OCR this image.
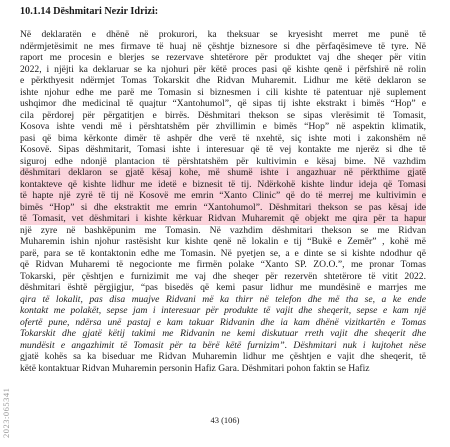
10.1.14 Dëshmitari Nezir Idrizi:
Në deklaratën e dhënë në prokurori, ka theksuar se kryesisht merret me punë të
ndërmjetësimit ne mes firmave të huaj në çështje biznesore si dhe përfaqësimeve të tyre. Në
raport me procesin e blerjes se rezervave shtetërore për produktet vaj dhe sheqer për vitin
2022, i njëjti ka deklaruar se ka njohuri për këtë proces pasi që kishte qenë i përfshirë në rolin
e përkthyesit ndërmjet Tomas Tokarskit dhe Ridvan Muharemit. Lidhur me këtë deklaron se
ishte njohur edhe me parë me Tomasin si biznesmen i cili kishte të patentuar një suplement
ushqimor dhe medicinal të quajtur “Xantohumol”, që sipas tij ishte ekstrakt i bimës “Hop” e
cila përdorej për përgatitjen e birrës. Dëshmitari thekson se sipas vlerësimit të Tomasit,
Kosova ishte vendi më i përshtatshëm për zhvillimin e bimës “Hop” në aspektin klimatik,
pasi që bima kërkonte dimër të ashpër dhe verë të nxehtë, siç ishte moti i zakonshëm në
Kosovë. Sipas dëshmitarit, Tomasi ishte i interesuar që të vej kontakte me njerëz si dhe të
siguroj edhe ndonjë plantacion të përshtatshëm për kultivimin e kësaj bime. Në vazhdim
dëshmitari deklaron se gjatë kësaj kohe, më shumë ishte i angazhuar në përkthime gjatë
kontakteve që kishte lidhur me idetë e biznesit të tij. Ndërkohë kishte lindur ideja që Tomasi
të hapte një zyrë të tij në Kosovë me emrin “Xanto Clinic” që do të merrej me kultivimin e
bimës “Hop” si dhe ekstraktit me emrin “Xantohumol”. Dëshmitari thekson se pas kësaj ide
të Tomasit, vet dëshmitari i kishte kërkuar Ridvan Muharemit që objekt me qira për ta hapur
një zyre në bashkëpunim me Tomasin. Në vazhdim dëshmitari thekson se me Ridvan
Muharemin ishin njohur rastësisht kur kishte qenë në lokalin e tij “Bukë e Zemër” , kohë më
parë, para se të kontaktonin edhe me Tomasin. Në pyetjen se, a e dinte se si kishte ndodhur që
që Ridvan Muharemi të negocionte me firmën polake “Xanto SP. ZO.O.”, me pronar Tomas
Tokarski, për çështjen e furnizimit me vaj dhe sheqer për rezervën shtetërore të vitit 2022.
dëshmitari është përgjigjur, “pas bisedës që kemi pasur lidhur me mundësinë e marrjes me
qira të lokalit, pas disa muajve Ridvani më ka thirr në telefon dhe më tha se, a ke ende
kontakt me polakët, sepse jam i interesuar për produkte të vajit dhe sheqerit, sepse e kam një
ofertë pune, ndërsa unë pastaj e kam takuar Ridvanin dhe ia kam dhënë vizitkartën e Tomas
Tokarskit dhe gjatë këtij takimi me Ridvanin ne kemi diskutuar rreth vajit dhe sheqerit dhe
mundësit e angazhimit të Tomasit për ta bërë këtë furnizim”. Dëshmitari nuk i kujtohet nëse
gjatë kohës sa ka biseduar me Ridvan Muharemin lidhur me çështjen e vajit dhe sheqerit, të
këtë kontaktuar Ridvan Muharemin personin Hafiz Gara. Dëshmitari pohon faktin se Hafiz
43 (106)
2023:065341
